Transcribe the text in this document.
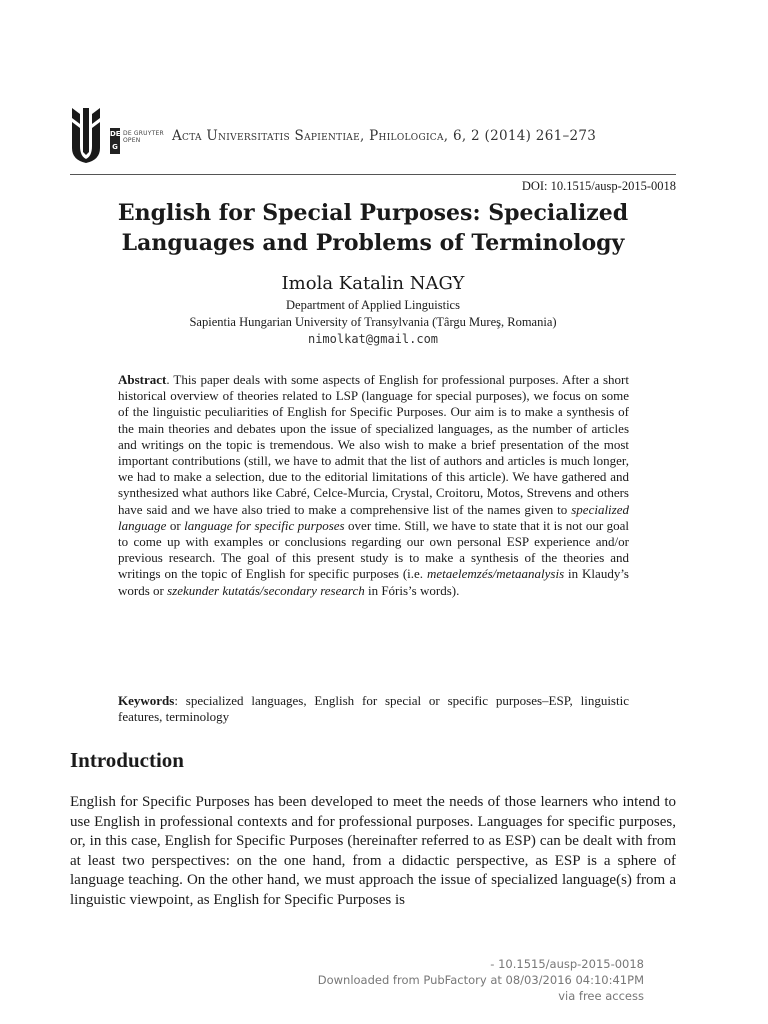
DE G
DE GRUYTER
OPEN	Acta Universitatis Sapientiae, Philologica, 6, 2 (2014) 261–273
DOI: 10.1515/ausp-2015-0018
English for Special Purposes: Specialized Languages and Problems of Terminology
Imola Katalin NAGY
Department of Applied Linguistics
Sapientia Hungarian University of Transylvania (Târgu Mureş, Romania)
nimolkat@gmail.com
Abstract. This paper deals with some aspects of English for professional purposes. After a short historical overview of theories related to LSP (language for special purposes), we focus on some of the linguistic peculiarities of English for Specific Purposes. Our aim is to make a synthesis of the main theories and debates upon the issue of specialized languages, as the number of articles and writings on the topic is tremendous. We also wish to make a brief presentation of the most important contributions (still, we have to admit that the list of authors and articles is much longer, we had to make a selection, due to the editorial limitations of this article). We have gathered and synthesized what authors like Cabré, Celce-Murcia, Crystal, Croitoru, Motos, Strevens and others have said and we have also tried to make a comprehensive list of the names given to specialized language or language for specific purposes over time. Still, we have to state that it is not our goal to come up with examples or conclusions regarding our own personal ESP experience and/or previous research. The goal of this present study is to make a synthesis of the theories and writings on the topic of English for specific purposes (i.e. metaelemzés/metaanalysis in Klaudy’s words or szekunder kutatás/secondary research in Fóris’s words).
Keywords: specialized languages, English for special or specific purposes–ESP, linguistic features, terminology
Introduction
English for Specific Purposes has been developed to meet the needs of those learners who intend to use English in professional contexts and for professional purposes. Languages for specific purposes, or, in this case, English for Specific Purposes (hereinafter referred to as ESP) can be dealt with from at least two perspectives: on the one hand, from a didactic perspective, as ESP is a sphere of language teaching. On the other hand, we must approach the issue of specialized language(s) from a linguistic viewpoint, as English for Specific Purposes is
- 10.1515/ausp-2015-0018
Downloaded from PubFactory at 08/03/2016 04:10:41PM
via free access
